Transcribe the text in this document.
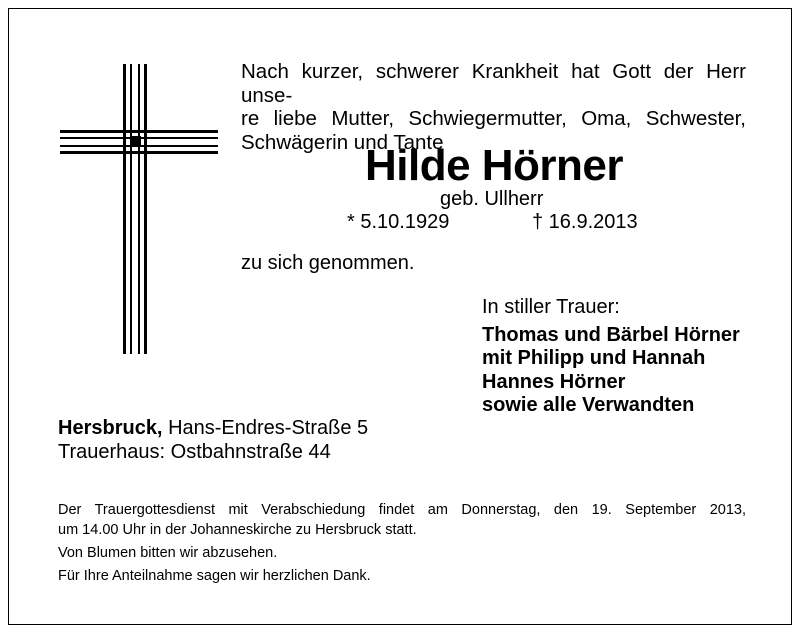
Nach kurzer, schwerer Krankheit hat Gott der Herr unse-
re liebe Mutter, Schwiegermutter, Oma, Schwester,
Schwägerin und Tante
Hilde Hörner
geb. Ullherr
* 5.10.1929	† 16.9.2013
zu sich genommen.
In stiller Trauer:
Thomas und Bärbel Hörner
mit Philipp und Hannah
Hannes Hörner
sowie alle Verwandten
Hersbruck, Hans-Endres-Straße 5
Trauerhaus: Ostbahnstraße 44
Der Trauergottesdienst mit Verabschiedung findet am Donnerstag, den 19. September 2013,
um 14.00 Uhr in der Johanneskirche zu Hersbruck statt.
Von Blumen bitten wir abzusehen.
Für Ihre Anteilnahme sagen wir herzlichen Dank.
